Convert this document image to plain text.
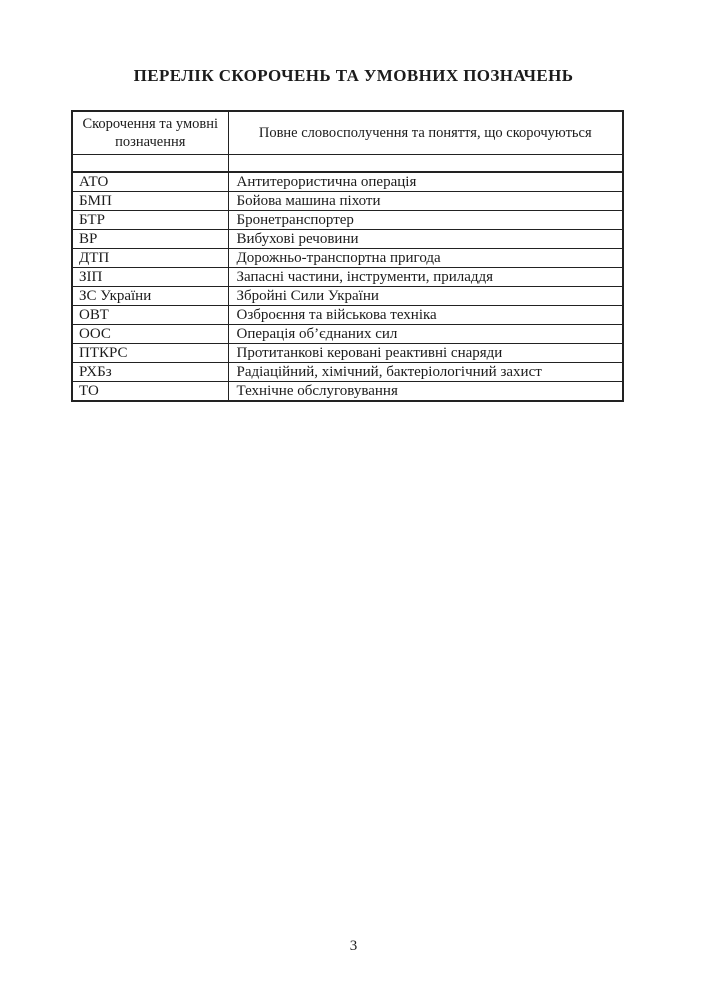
ПЕРЕЛІК СКОРОЧЕНЬ ТА УМОВНИХ ПОЗНАЧЕНЬ
Скорочення та умовні позначення	Повне словосполучення та поняття, що скорочуються

АТО	Антитерористична операція
БМП	Бойова машина піхоти
БТР	Бронетранспортер
ВР	Вибухові речовини
ДТП	Дорожньо-транспортна пригода
ЗІП	Запасні частини, інструменти, приладдя
ЗС України	Збройні Сили України
ОВТ	Озброєння та військова техніка
ООС	Операція об’єднаних сил
ПТКРС	Протитанкові керовані реактивні снаряди
РХБз	Радіаційний, хімічний, бактеріологічний захист
ТО	Технічне обслуговування
3
